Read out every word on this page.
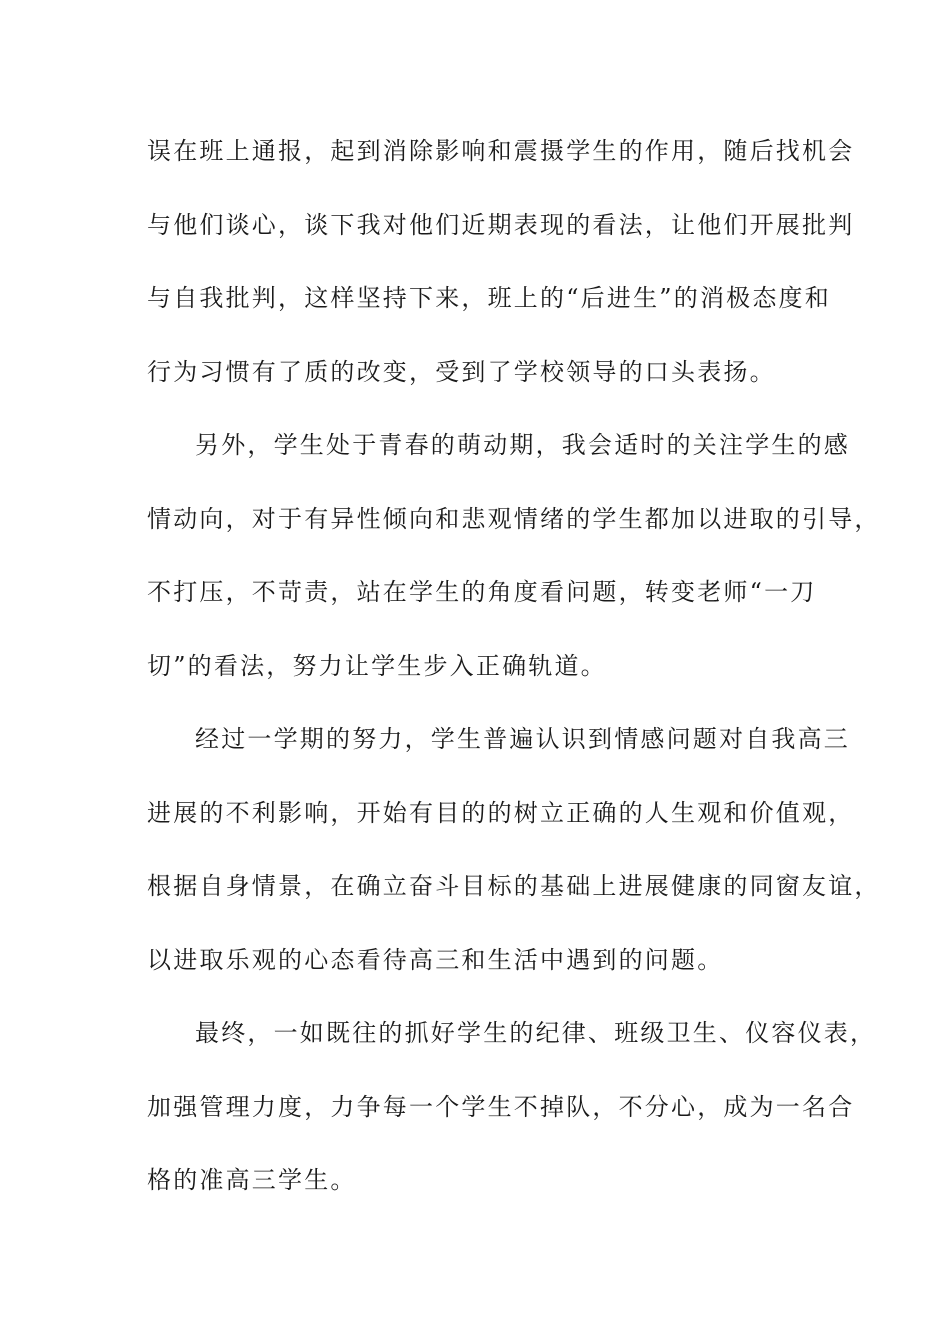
误在班上通报，起到消除影响和震摄学生的作用，随后找机会
与他们谈心，谈下我对他们近期表现的看法，让他们开展批判
与自我批判，这样坚持下来，班上的“后进生”的消极态度和
行为习惯有了质的改变，受到了学校领导的口头表扬。
另外，学生处于青春的萌动期，我会适时的关注学生的感
情动向，对于有异性倾向和悲观情绪的学生都加以进取的引导，
不打压，不苛责，站在学生的角度看问题，转变老师“一刀
切”的看法，努力让学生步入正确轨道。
经过一学期的努力，学生普遍认识到情感问题对自我高三
进展的不利影响，开始有目的的树立正确的人生观和价值观，
根据自身情景，在确立奋斗目标的基础上进展健康的同窗友谊，
以进取乐观的心态看待高三和生活中遇到的问题。
最终，一如既往的抓好学生的纪律、班级卫生、仪容仪表，
加强管理力度，力争每一个学生不掉队，不分心，成为一名合
格的准高三学生。
